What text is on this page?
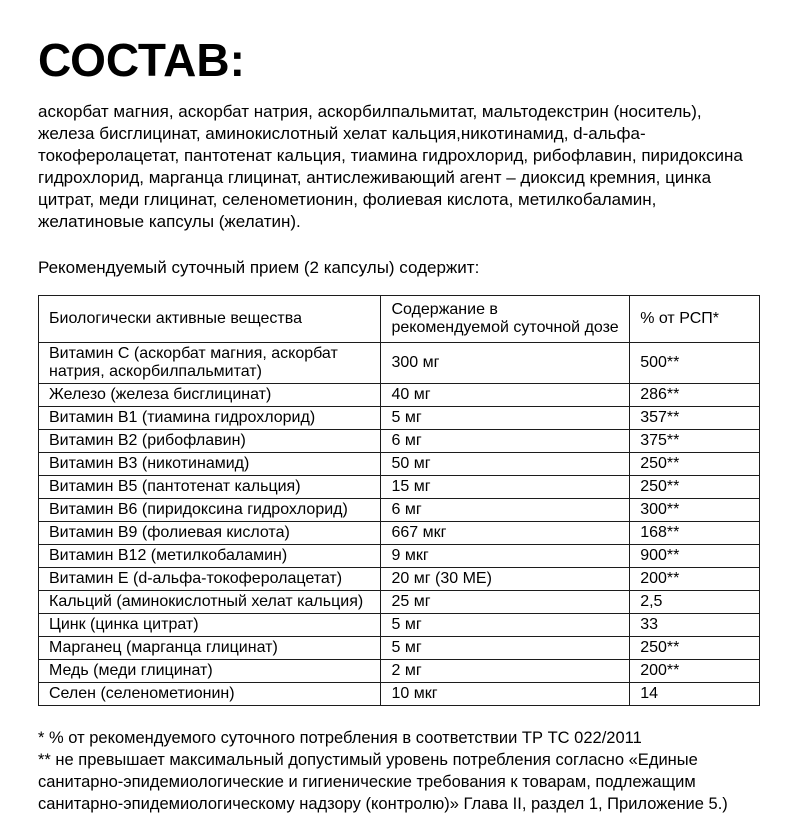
СОСТАВ:

аскорбат магния, аскорбат натрия, аскорбилпальмитат, мальтодекстрин (носитель), железа бисглицинат, аминокислотный хелат кальция,никотинамид, d-альфа-токоферолацетат, пантотенат кальция, тиамина гидрохлорид, рибофлавин, пиридоксина гидрохлорид, марганца глицинат, антислеживающий агент – диоксид кремния, цинка цитрат, меди глицинат, селенометионин, фолиевая кислота, метилкобаламин, желатиновые капсулы (желатин).

Рекомендуемый суточный прием (2 капсулы) содержит:

Биологически активные вещества	Содержание в рекомендуемой суточной дозе	% от РСП*
Витамин С (аскорбат магния, аскорбат натрия, аскорбилпальмитат)	300 мг	500**
Железо (железа бисглицинат)	40 мг	286**
Витамин В1 (тиамина гидрохлорид)	5 мг	357**
Витамин В2 (рибофлавин)	6 мг	375**
Витамин В3 (никотинамид)	50 мг	250**
Витамин В5 (пантотенат кальция)	15 мг	250**
Витамин В6 (пиридоксина гидрохлорид)	6 мг	300**
Витамин В9 (фолиевая кислота)	667 мкг	168**
Витамин В12 (метилкобаламин)	9 мкг	900**
Витамин Е (d-альфа-токоферолацетат)	20 мг (30 МЕ)	200**
Кальций (аминокислотный хелат кальция)	25 мг	2,5
Цинк (цинка цитрат)	5 мг	33
Марганец (марганца глицинат)	5 мг	250**
Медь (меди глицинат)	2 мг	200**
Селен (селенометионин)	10 мкг	14

* % от рекомендуемого суточного потребления в соответствии ТР ТС 022/2011

** не превышает максимальный допустимый уровень потребления согласно «Единые санитарно-эпидемиологические и гигиенические требования к товарам, подлежащим санитарно-эпидемиологическому надзору (контролю)» Глава II, раздел 1, Приложение 5.)
